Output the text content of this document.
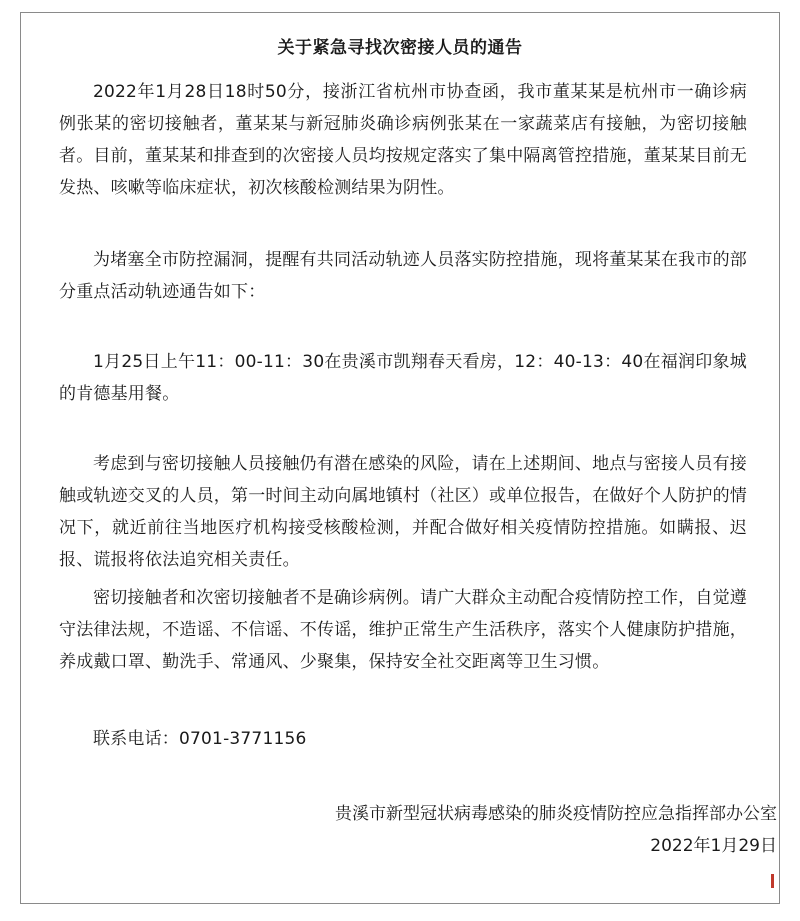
关于紧急寻找次密接人员的通告

2022年1月28日18时50分，接浙江省杭州市协查函，我市董某某是杭州市一确诊病例张某的密切接触者，董某某与新冠肺炎确诊病例张某在一家蔬菜店有接触，为密切接触者。目前，董某某和排查到的次密接人员均按规定落实了集中隔离管控措施，董某某目前无发热、咳嗽等临床症状，初次核酸检测结果为阴性。

为堵塞全市防控漏洞，提醒有共同活动轨迹人员落实防控措施，现将董某某在我市的部分重点活动轨迹通告如下：

1月25日上午11：00-11：30在贵溪市凯翔春天看房，12：40-13：40在福润印象城的肯德基用餐。

考虑到与密切接触人员接触仍有潜在感染的风险，请在上述期间、地点与密接人员有接触或轨迹交叉的人员，第一时间主动向属地镇村（社区）或单位报告，在做好个人防护的情况下，就近前往当地医疗机构接受核酸检测，并配合做好相关疫情防控措施。如瞒报、迟报、谎报将依法追究相关责任。

密切接触者和次密切接触者不是确诊病例。请广大群众主动配合疫情防控工作，自觉遵守法律法规，不造谣、不信谣、不传谣，维护正常生产生活秩序，落实个人健康防护措施，养成戴口罩、勤洗手、常通风、少聚集，保持安全社交距离等卫生习惯。

联系电话：0701-3771156

贵溪市新型冠状病毒感染的肺炎疫情防控应急指挥部办公室

2022年1月29日
